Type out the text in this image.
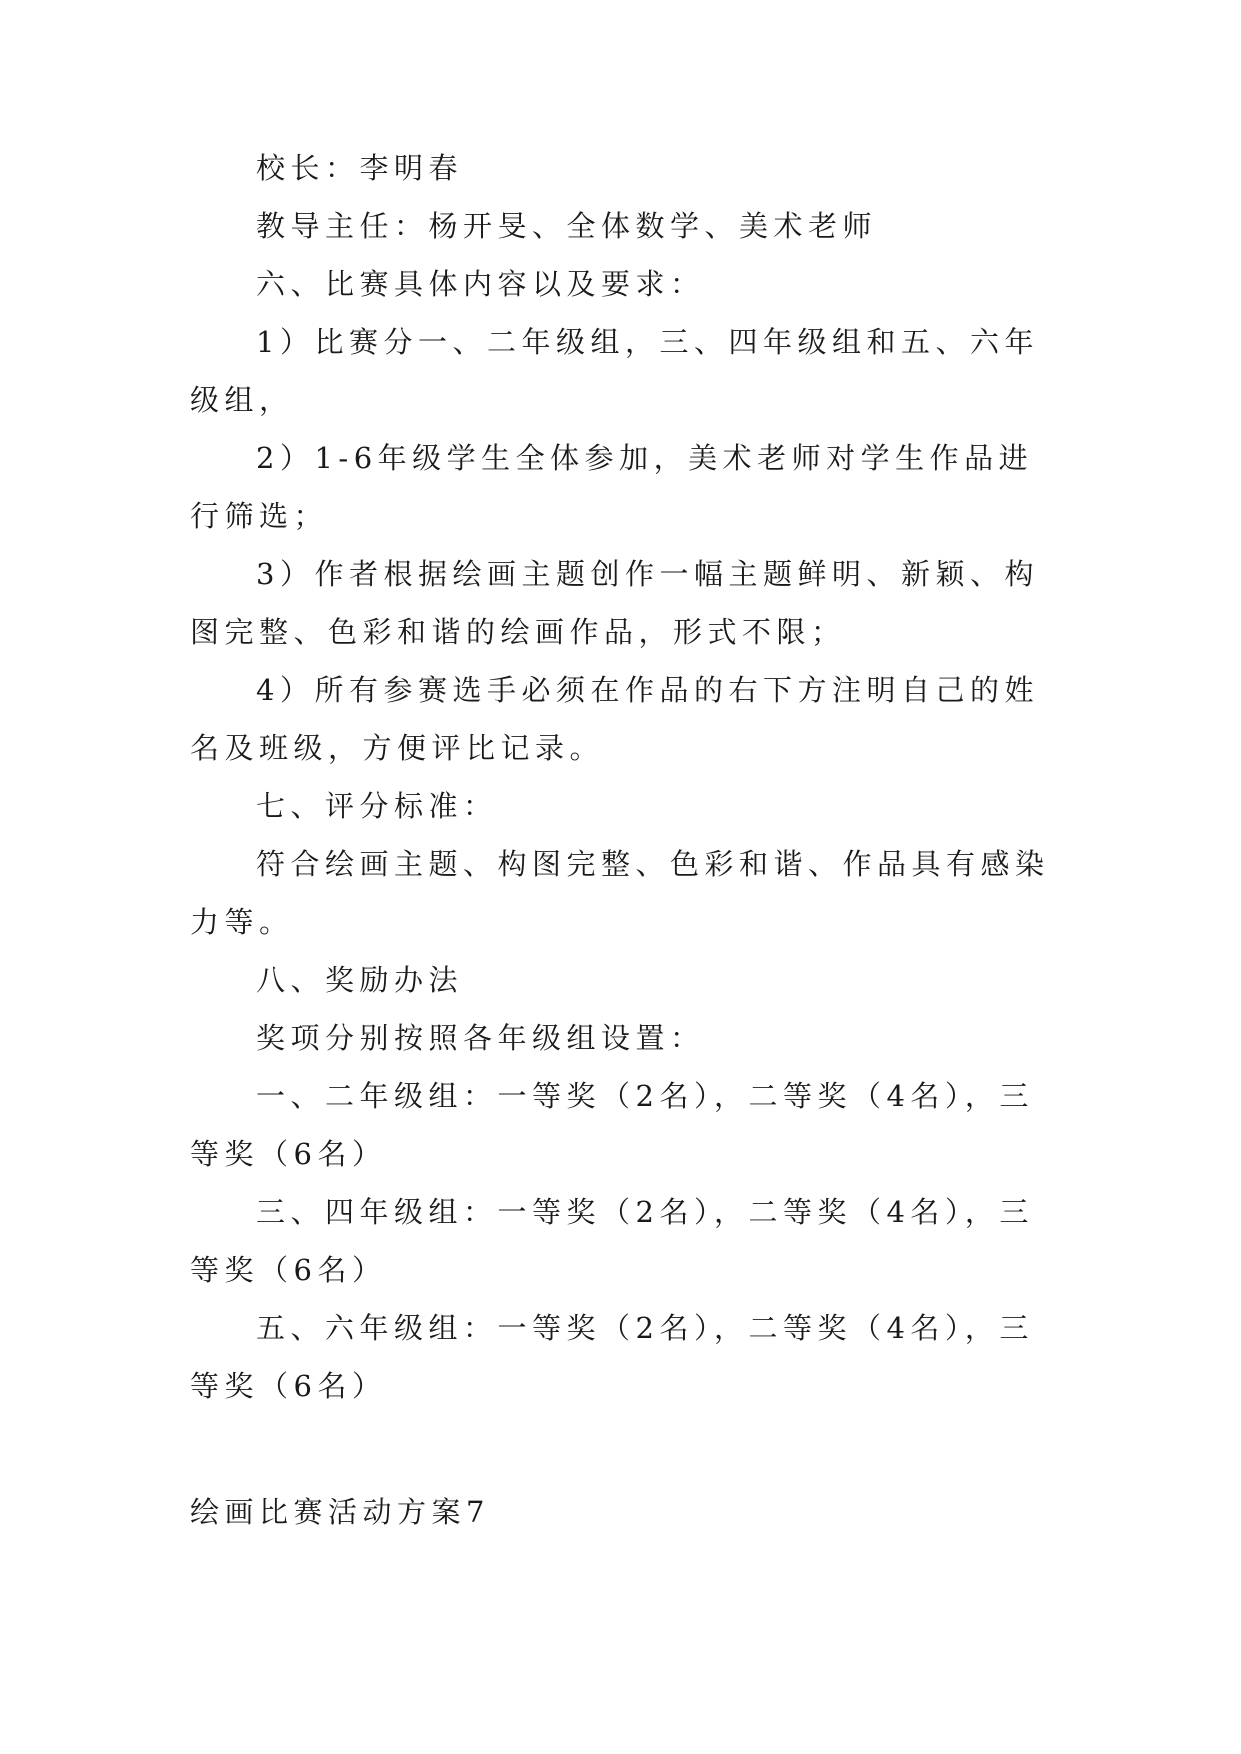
校长：李明春

教导主任：杨开旻、全体数学、美术老师

六、比赛具体内容以及要求：

1）比赛分一、二年级组，三、四年级组和五、六年级组，

2）1-6年级学生全体参加，美术老师对学生作品进行筛选；

3）作者根据绘画主题创作一幅主题鲜明、新颖、构图完整、色彩和谐的绘画作品，形式不限；

4）所有参赛选手必须在作品的右下方注明自己的姓名及班级，方便评比记录。

七、评分标准：

符合绘画主题、构图完整、色彩和谐、作品具有感染力等。

八、奖励办法

奖项分别按照各年级组设置：

一、二年级组：一等奖（2名），二等奖（4名），三等奖（6名）

三、四年级组：一等奖（2名），二等奖（4名），三等奖（6名）

五、六年级组：一等奖（2名），二等奖（4名），三等奖（6名）

绘画比赛活动方案7
